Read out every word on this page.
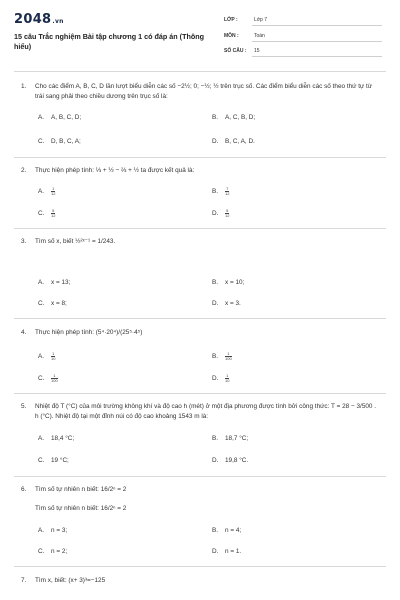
2048.vn
15 câu Trắc nghiệm Bài tập chương 1 có đáp án (Thông hiểu)
LỚP :	Lớp 7
MÔN :	Toán
SỐ CÂU : 15
1. Cho các điểm A, B, C, D lần lượt biểu diễn các số −2½; 0; −½; ½ trên trục số. Các điểm biểu diễn các số theo thứ tự từ trái sang phải theo chiều dương trên trục số là:
A. A, B, C, D;	B. A, C, B, D;
C. D, B, C, A;	D. B, C, A, D.
2. Thực hiện phép tính: ⅓ + ½ − ⅔ + ½ ta được kết quả là:
A. $\frac{1}{12}$	B. $\frac{7}{12}$
C. $\frac{5}{12}$	D. $\frac{5}{12}$
3. Tìm số x, biết ½²ˣ⁻¹ = 1/243.
A. x = 13;	B. x = 10;
C. x = 8;	D. x = 3.
4. Thực hiện phép tính: (5⁴·20⁴)/(25⁵·4⁵)
A. $\frac{1}{10}$	B. $\frac{1}{100}$
C. $\frac{1}{100}$	D. $\frac{1}{10}$
5. Nhiệt độ T (°C) của môi trường không khí và độ cao h (mét) ở một địa phương được tính bởi công thức: T = 28 − 3/500 . h (°C). Nhiệt độ tại một đỉnh núi có độ cao khoảng 1543 m là:
A. 18,4 °C;	B. 18,7 °C;
C. 19 °C;	D. 19,8 °C.
6. Tìm số tự nhiên n biết: 16/2ⁿ = 2
Tìm số tự nhiên n biết: 16/2ⁿ = 2
A. n = 3;	B. n = 4;
C. n = 2;	D. n = 1.
7. Tìm x, biết: (x+ 3)³=−125
